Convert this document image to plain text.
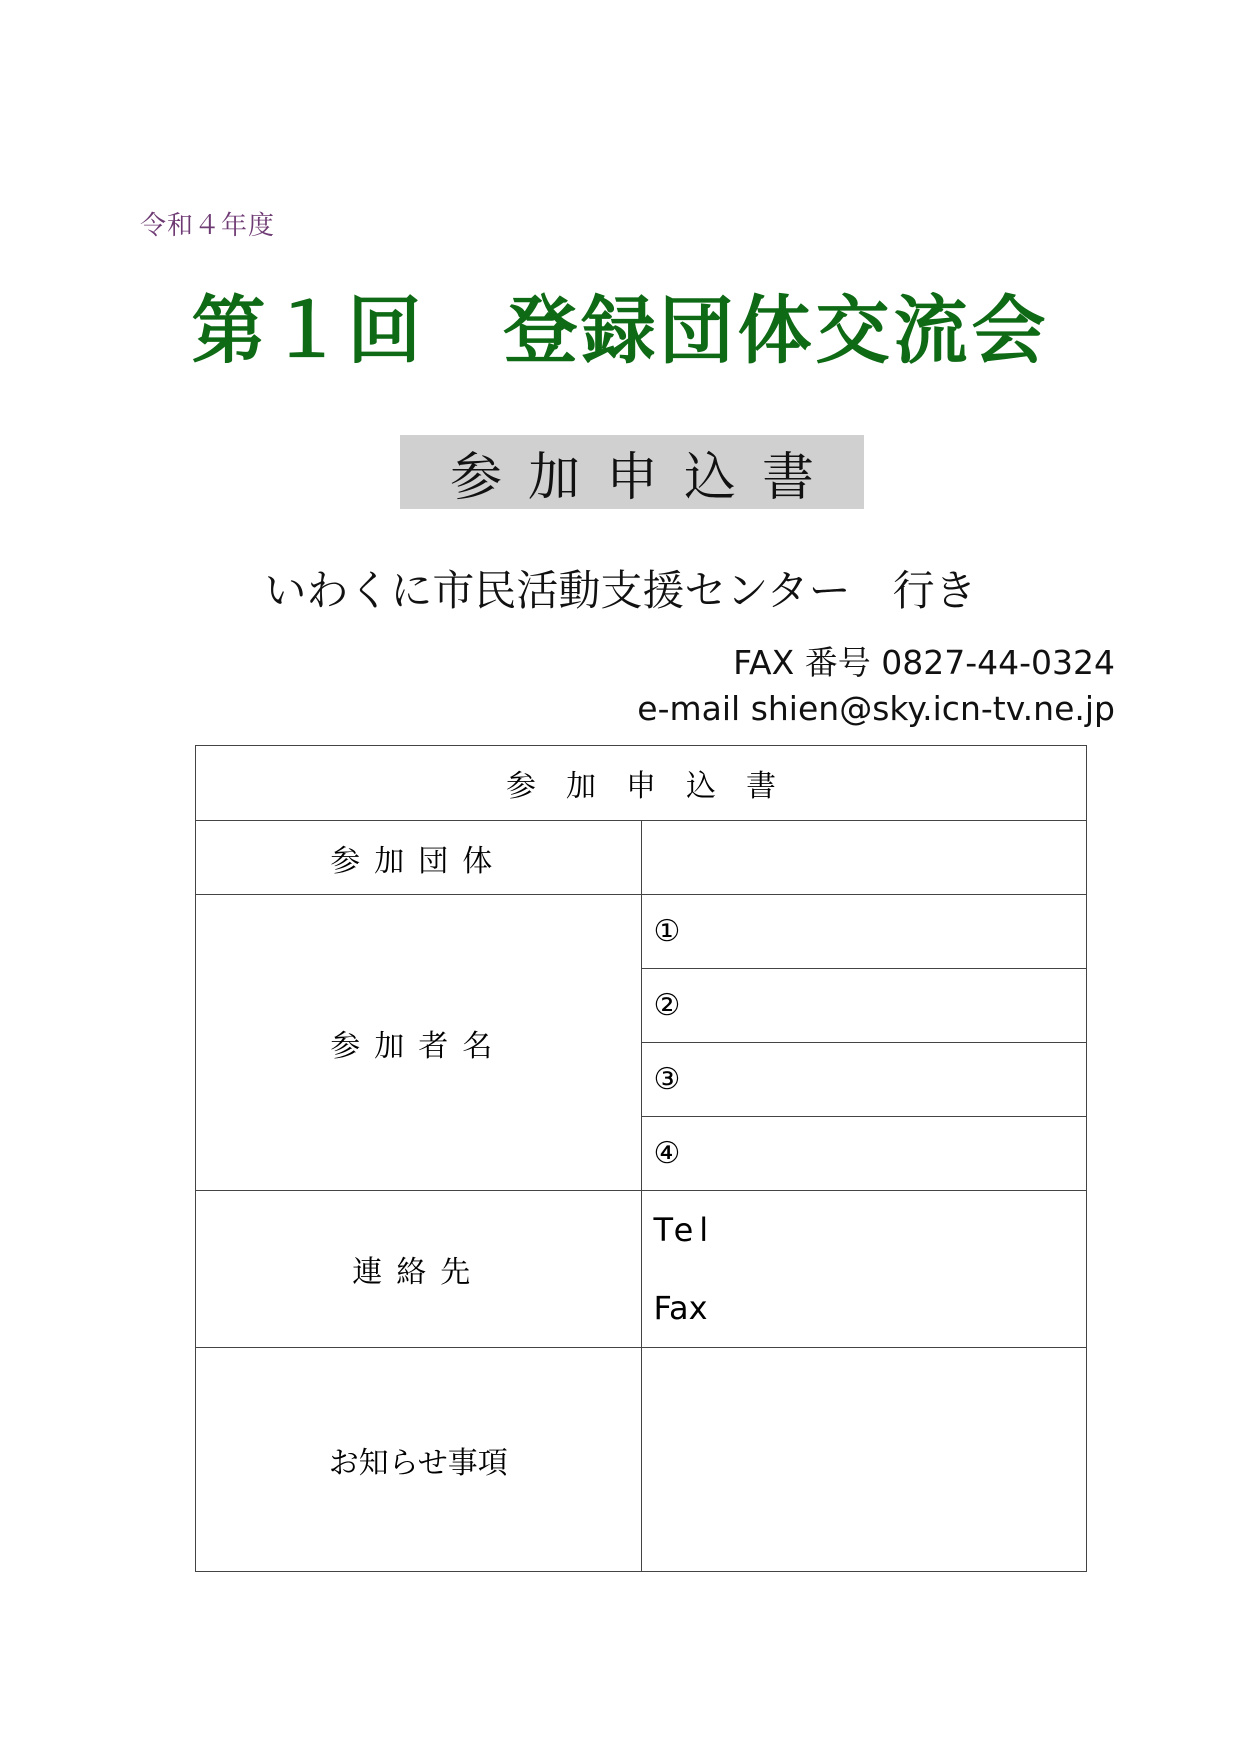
令和４年度
第１回　登録団体交流会
参加申込書
いわくに市民活動支援センター　行き
FAX 番号 0827-44-0324
e-mail shien@sky.icn-tv.ne.jp
参加申込書	
参加団体	
参加者名	①
	②
	③
	④
連絡先	Tel
Fax

お知らせ事項	
